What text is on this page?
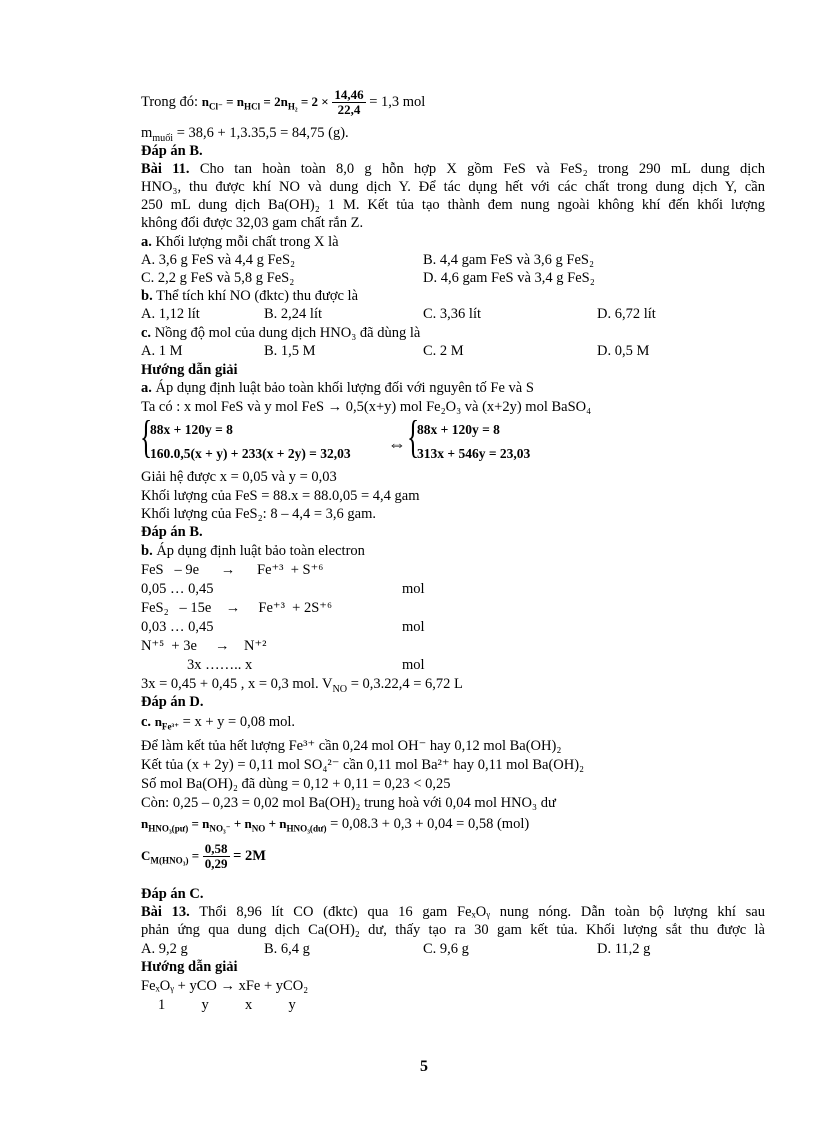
Trong đó: $n_{Cl^-} = n_{HCl} = 2n_{H_2} = 2 \times \frac{14,46}{22,4} = 1,3$ mol
$m_{muối} = 38,6 + 1,3.35,5 = 84,75$ (g).
Đáp án B.
Bài 11. Cho tan hoàn toàn 8,0 g hỗn hợp X gồm FeS và FeS₂ trong 290 mL dung dịch
HNO₃, thu được khí NO và dung dịch Y. Để tác dụng hết với các chất trong dung dịch Y, cần
250 mL dung dịch Ba(OH)₂ 1 M. Kết tủa tạo thành đem nung ngoài không khí đến khối lượng
không đổi được 32,03 gam chất rắn Z.
a. Khối lượng mỗi chất trong X là
A. 3,6 g FeS và 4,4 g FeS₂	B. 4,4 gam FeS và 3,6 g FeS₂
C. 2,2 g FeS và 5,8 g FeS₂	D. 4,6 gam FeS và 3,4 g FeS₂
b. Thể tích khí NO (đktc) thu được là
A. 1,12 lít	B. 2,24 lít	C. 3,36 lít	D. 6,72 lít
c. Nồng độ mol của dung dịch HNO₃ đã dùng là
A. 1 M	B. 1,5 M	C. 2 M	D. 0,5 M
Hướng dẫn giải
a. Áp dụng định luật bảo toàn khối lượng đối với nguyên tố Fe và S
Ta có : x mol FeS và y mol FeS → 0,5(x+y) mol Fe₂O₃ và (x+2y) mol BaSO₄
{
88x + 120y = 8
160.0,5(x + y) + 233(x + 2y) = 32,03 ⇔ {
88x + 120y = 8
313x + 546y = 23,03
Giải hệ được x = 0,05 và y = 0,03
Khối lượng của FeS = 88.x = 88.0,05 = 4,4 gam
Khối lượng của FeS₂: 8 – 4,4 = 3,6 gam.
Đáp án B.
b. Áp dụng định luật bảo toàn electron
FeS   – 9e      →      Fe⁺³  + S⁺⁶
0,05 … 0,45	mol
FeS₂   – 15e    →     Fe⁺³  + 2S⁺⁶
0,03 … 0,45	mol
N⁺⁵  + 3e     →    N⁺²
3x …….. x	mol
3x = 0,45 + 0,45 , x = 0,3 mol. $V_{NO} = 0,3.22,4 = 6,72$ L
Đáp án D.
c. $n_{Fe^{3+}} = x + y = 0,08$ mol.
Để làm kết tủa hết lượng Fe³⁺ cần 0,24 mol OH⁻ hay 0,12 mol Ba(OH)₂
Kết tủa (x + 2y) = 0,11 mol SO₄²⁻ cần 0,11 mol Ba²⁺ hay 0,11 mol Ba(OH)₂
Số mol Ba(OH)₂ đã dùng = 0,12 + 0,11 = 0,23 < 0,25
Còn: 0,25 – 0,23 = 0,02 mol Ba(OH)₂ trung hoà với 0,04 mol HNO₃ dư
$n_{HNO_3(pư)} = n_{NO_3^-} + n_{NO} + n_{HNO_3(dư)} = 0,08.3 + 0,3 + 0,04 = 0,58$ (mol)
$C_{M(HNO_3)} = \frac{0,58}{0,29} = 2M$
Đáp án C.
Bài 13. Thổi 8,96 lít CO (đktc) qua 16 gam FeₓOᵧ nung nóng. Dẫn toàn bộ lượng khí sau
phản ứng qua dung dịch Ca(OH)₂ dư, thấy tạo ra 30 gam kết tủa. Khối lượng sắt thu được là
A. 9,2 g	B. 6,4 g	C. 9,6 g	D. 11,2 g
Hướng dẫn giải
FeₓOᵧ + yCO → xFe + yCO₂
1          y          x          y
5
